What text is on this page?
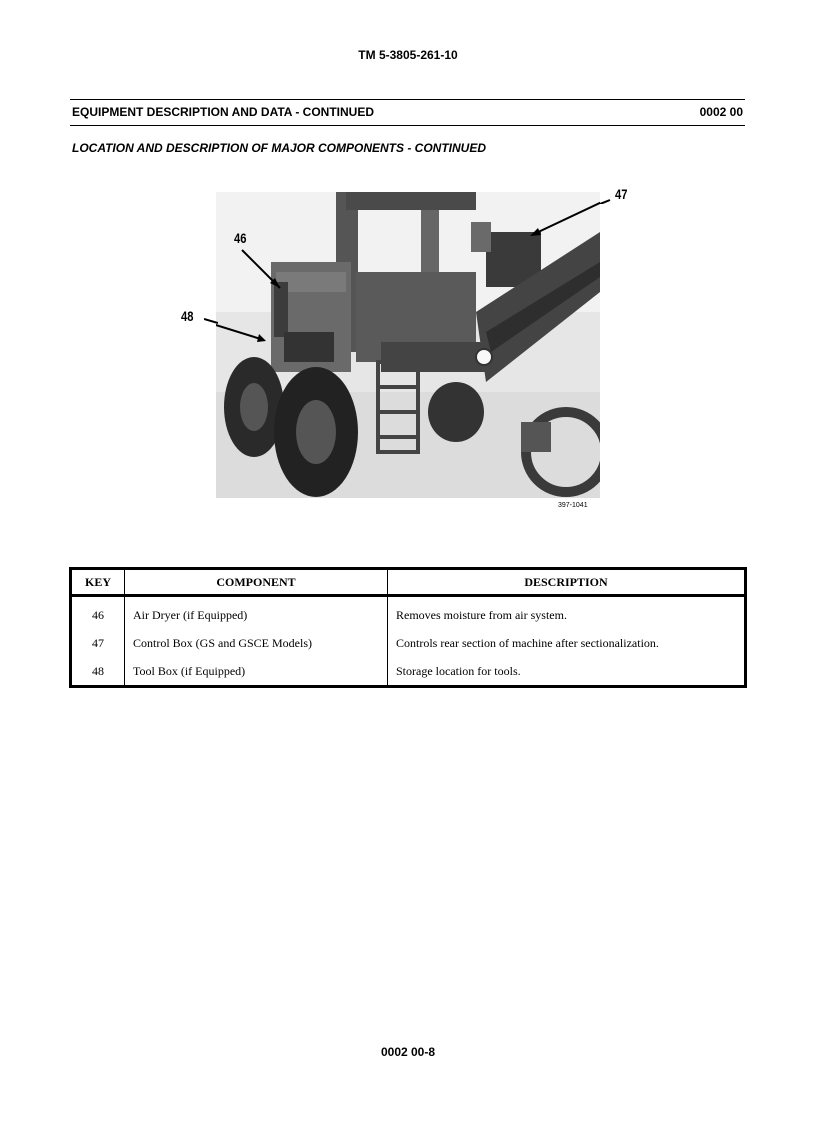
TM 5-3805-261-10
EQUIPMENT DESCRIPTION AND DATA - CONTINUED	0002 00
LOCATION AND DESCRIPTION OF MAJOR COMPONENTS - CONTINUED
46
48
47
397-1041
KEY	COMPONENT	DESCRIPTION
46	Air Dryer (if Equipped)	Removes moisture from air system.
47	Control Box (GS and GSCE Models)	Controls rear section of machine after sectionalization.
48	Tool Box (if Equipped)	Storage location for tools.
0002 00-8
